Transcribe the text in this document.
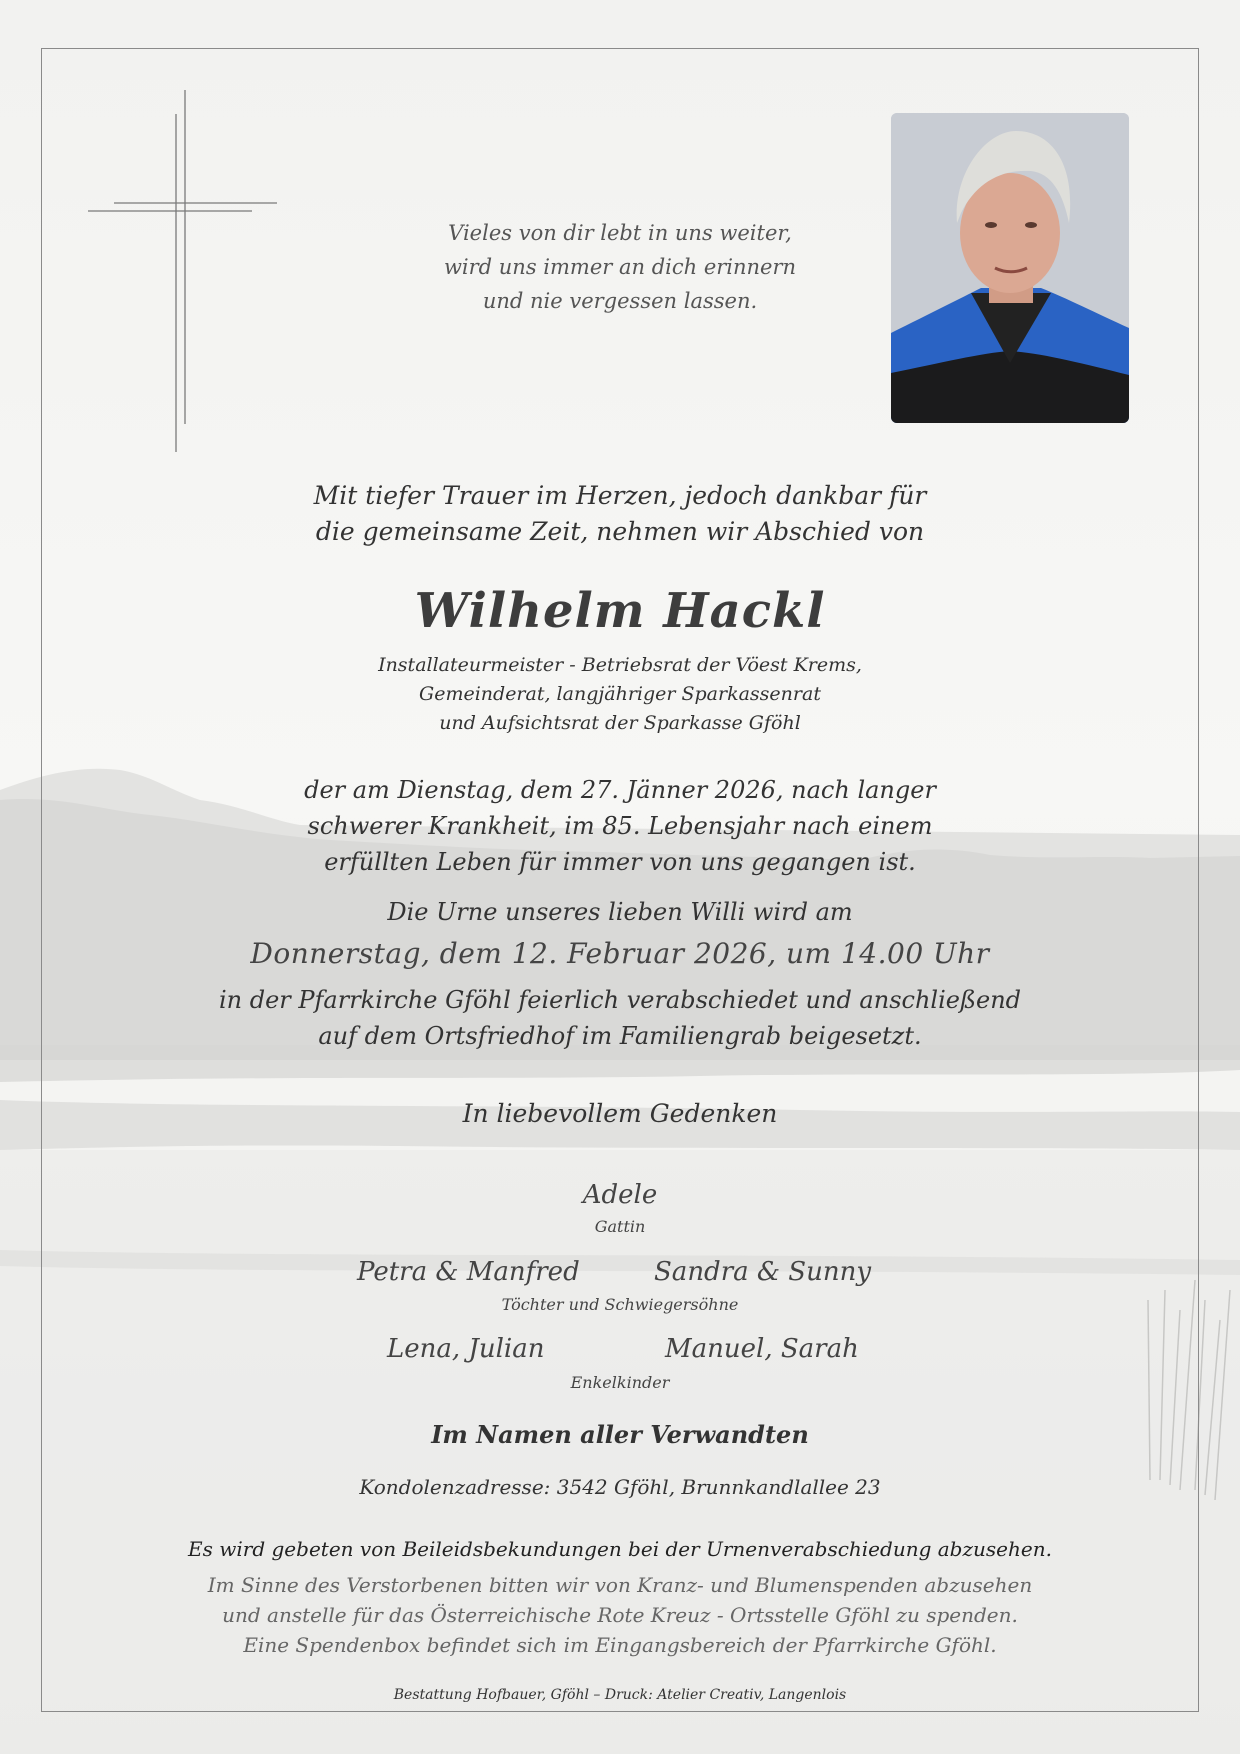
Vieles von dir lebt in uns weiter,
wird uns immer an dich erinnern
und nie vergessen lassen.
Mit tiefer Trauer im Herzen, jedoch dankbar für
die gemeinsame Zeit, nehmen wir Abschied von
Wilhelm Hackl
Installateurmeister - Betriebsrat der Vöest Krems,
Gemeinderat, langjähriger Sparkassenrat
und Aufsichtsrat der Sparkasse Gföhl
der am Dienstag, dem 27. Jänner 2026, nach langer
schwerer Krankheit, im 85. Lebensjahr nach einem
erfüllten Leben für immer von uns gegangen ist.
Die Urne unseres lieben Willi wird am
Donnerstag, dem 12. Februar 2026, um 14.00 Uhr
in der Pfarrkirche Gföhl feierlich verabschiedet und anschließend
auf dem Ortsfriedhof im Familiengrab beigesetzt.
In liebevollem Gedenken
Adele
Gattin
Petra & Manfred	Sandra & Sunny
Töchter und Schwiegersöhne
Lena, Julian	Manuel, Sarah
Enkelkinder
Im Namen aller Verwandten
Kondolenzadresse: 3542 Gföhl, Brunnkandlallee 23
Es wird gebeten von Beileidsbekundungen bei der Urnenverabschiedung abzusehen.
Im Sinne des Verstorbenen bitten wir von Kranz- und Blumenspenden abzusehen
und anstelle für das Österreichische Rote Kreuz - Ortsstelle Gföhl zu spenden.
Eine Spendenbox befindet sich im Eingangsbereich der Pfarrkirche Gföhl.
Bestattung Hofbauer, Gföhl – Druck: Atelier Creativ, Langenlois
